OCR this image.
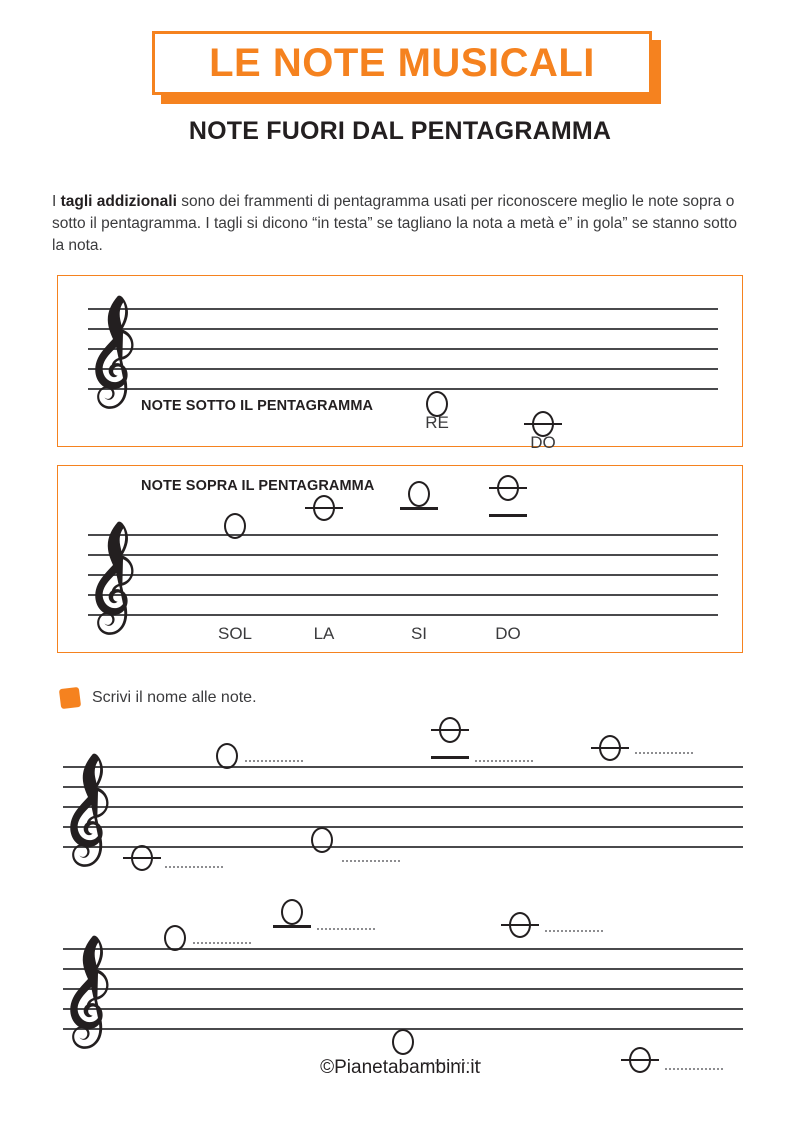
LE NOTE MUSICALI
NOTE FUORI DAL PENTAGRAMMA

I tagli addizionali sono dei frammenti di pentagramma usati per riconoscere meglio le note sopra o sotto il pentagramma. I tagli si dicono “in testa” se tagliano la nota a metà e” in gola” se stanno sotto la nota.

NOTE SOTTO IL PENTAGRAMMA
RE
DO
NOTE SOPRA IL PENTAGRAMMA
SOL	LA	SI	DO
Scrivi il nome alle note.
©Pianetabambini.it
